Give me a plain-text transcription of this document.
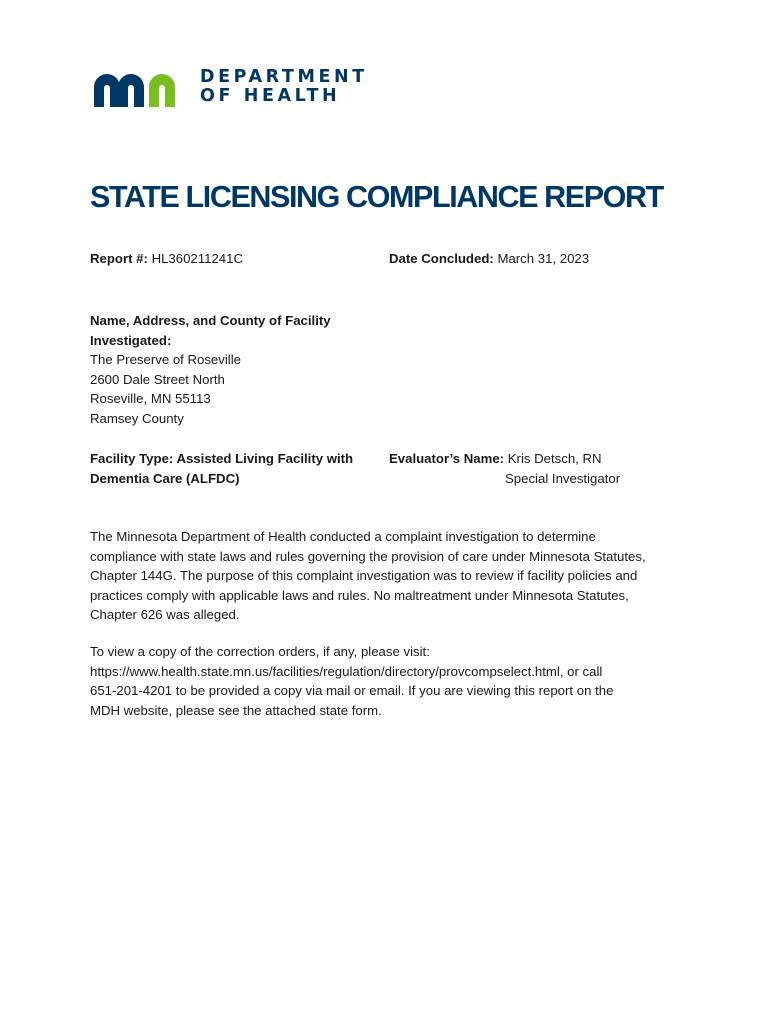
DEPARTMENT
OF HEALTH
STATE LICENSING COMPLIANCE REPORT
Report #: HL360211241C	Date Concluded: March 31, 2023
Name, Address, and County of Facility
Investigated:
The Preserve of Roseville
2600 Dale Street North
Roseville, MN 55113
Ramsey County
Facility Type: Assisted Living Facility with
Dementia Care (ALFDC)
Evaluator’s Name: Kris Detsch, RN
Special Investigator
The Minnesota Department of Health conducted a complaint investigation to determine
compliance with state laws and rules governing the provision of care under Minnesota Statutes,
Chapter 144G. The purpose of this complaint investigation was to review if facility policies and
practices comply with applicable laws and rules. No maltreatment under Minnesota Statutes,
Chapter 626 was alleged.
To view a copy of the correction orders, if any, please visit:
https://www.health.state.mn.us/facilities/regulation/directory/provcompselect.html, or call
651-201-4201 to be provided a copy via mail or email. If you are viewing this report on the
MDH website, please see the attached state form.
